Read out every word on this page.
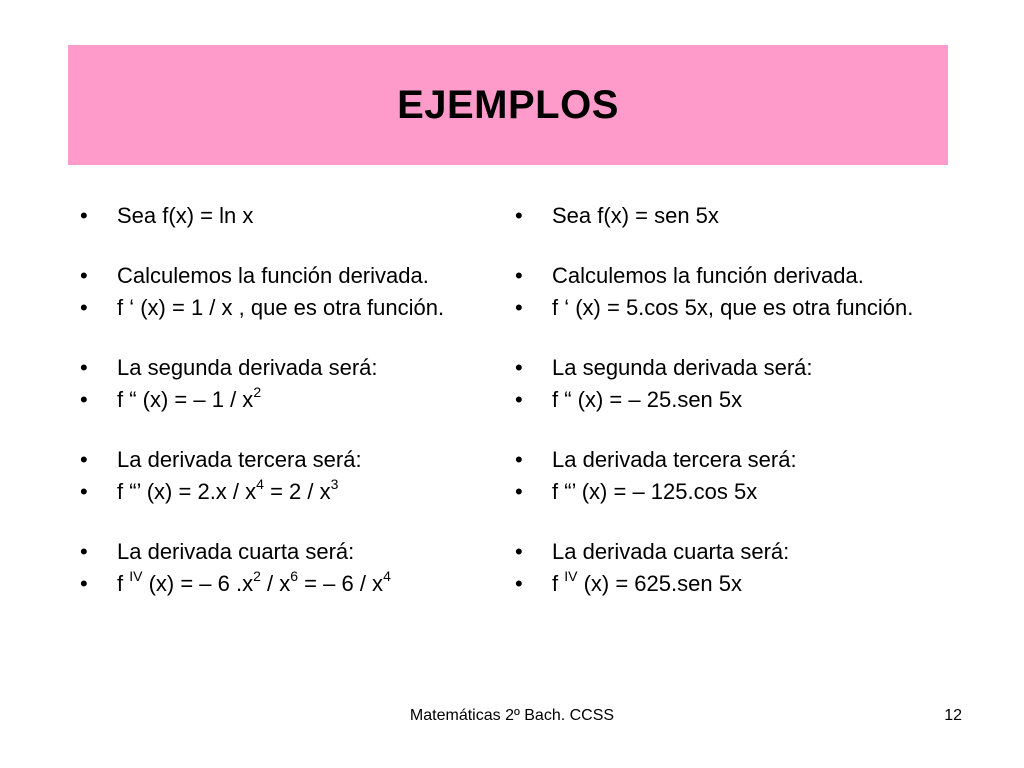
EJEMPLOS
• Sea f(x) = ln x
• Calculemos la función derivada.
• f ‘ (x) = 1 / x , que es otra función.
• La segunda derivada será:
• f “ (x) = – $1 / x^2$
• La derivada tercera será:
• f “’ $(x) = 2.x / x^4 = 2 / x^3$
• La derivada cuarta será:
• f $^{IV}$ (x) = – 6 $.x^2 / x^6$ = – $6 / x^4$
• Sea f(x) = sen 5x
• Calculemos la función derivada.
• f ‘ (x) = 5.cos 5x, que es otra función.
• La segunda derivada será:
• f “ (x) = – 25.sen 5x
• La derivada tercera será:
• f “’ (x) = – 125.cos 5x
• La derivada cuarta será:
• f $^{IV}$ (x) = 625.sen 5x
Matemáticas 2º Bach. CCSS	12
